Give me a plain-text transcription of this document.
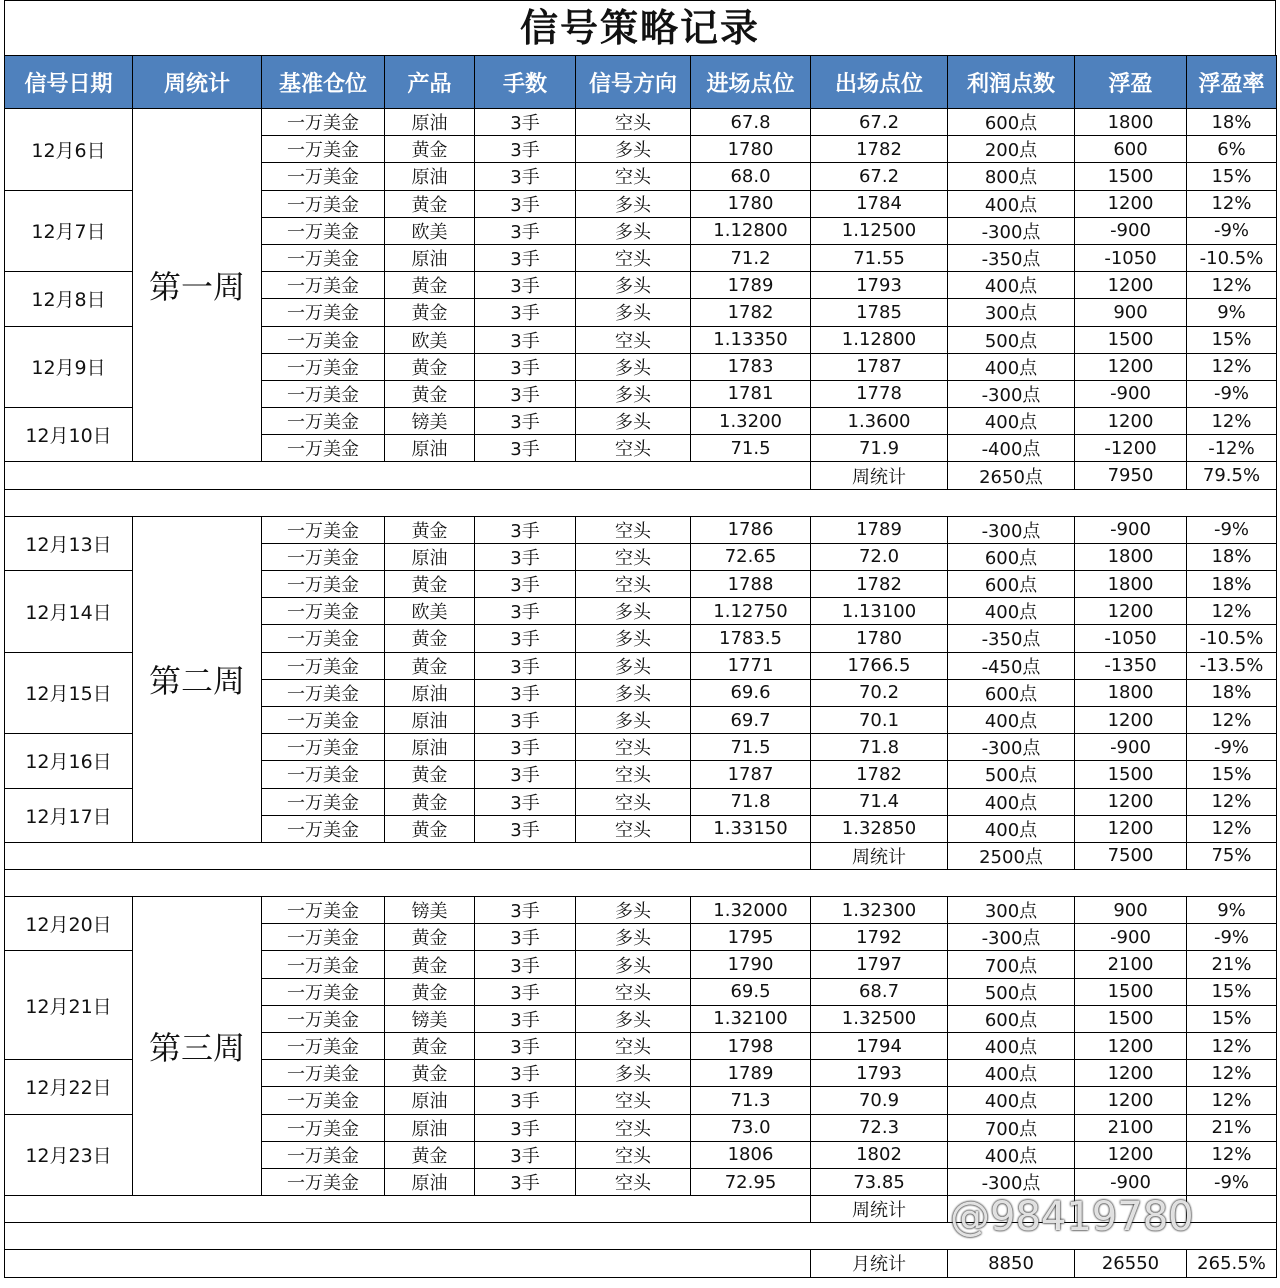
信号策略记录
信号日期	周统计	基准仓位	产品	手数	信号方向	进场点位	出场点位	利润点数	浮盈	浮盈率
12月6日	第一周	一万美金	原油	3手	空头	67.8	67.2	600点	1800	18%
		一万美金	黄金	3手	多头	1780	1782	200点	600	6%
		一万美金	原油	3手	空头	68.0	67.2	800点	1500	15%
12月7日		一万美金	黄金	3手	多头	1780	1784	400点	1200	12%
		一万美金	欧美	3手	多头	1.12800	1.12500	-300点	-900	-9%
		一万美金	原油	3手	空头	71.2	71.55	-350点	-1050	-10.5%
12月8日		一万美金	黄金	3手	多头	1789	1793	400点	1200	12%
		一万美金	黄金	3手	多头	1782	1785	300点	900	9%
12月9日		一万美金	欧美	3手	空头	1.13350	1.12800	500点	1500	15%
		一万美金	黄金	3手	多头	1783	1787	400点	1200	12%
		一万美金	黄金	3手	多头	1781	1778	-300点	-900	-9%
12月10日		一万美金	镑美	3手	多头	1.3200	1.3600	400点	1200	12%
		一万美金	原油	3手	空头	71.5	71.9	-400点	-1200	-12%
							周统计	2650点	7950	79.5%

12月13日	第二周	一万美金	黄金	3手	空头	1786	1789	-300点	-900	-9%
		一万美金	原油	3手	空头	72.65	72.0	600点	1800	18%
12月14日		一万美金	黄金	3手	空头	1788	1782	600点	1800	18%
		一万美金	欧美	3手	多头	1.12750	1.13100	400点	1200	12%
		一万美金	黄金	3手	多头	1783.5	1780	-350点	-1050	-10.5%
12月15日		一万美金	黄金	3手	多头	1771	1766.5	-450点	-1350	-13.5%
		一万美金	原油	3手	多头	69.6	70.2	600点	1800	18%
		一万美金	原油	3手	多头	69.7	70.1	400点	1200	12%
12月16日		一万美金	原油	3手	空头	71.5	71.8	-300点	-900	-9%
		一万美金	黄金	3手	空头	1787	1782	500点	1500	15%
12月17日		一万美金	黄金	3手	空头	71.8	71.4	400点	1200	12%
		一万美金	黄金	3手	空头	1.33150	1.32850	400点	1200	12%
							周统计	2500点	7500	75%

12月20日	第三周	一万美金	镑美	3手	多头	1.32000	1.32300	300点	900	9%
		一万美金	黄金	3手	多头	1795	1792	-300点	-900	-9%
12月21日		一万美金	黄金	3手	多头	1790	1797	700点	2100	21%
		一万美金	黄金	3手	空头	69.5	68.7	500点	1500	15%
		一万美金	镑美	3手	多头	1.32100	1.32500	600点	1500	15%
		一万美金	黄金	3手	空头	1798	1794	400点	1200	12%
12月22日		一万美金	黄金	3手	多头	1789	1793	400点	1200	12%
		一万美金	原油	3手	空头	71.3	70.9	400点	1200	12%
12月23日		一万美金	原油	3手	空头	73.0	72.3	700点	2100	21%
		一万美金	黄金	3手	空头	1806	1802	400点	1200	12%
		一万美金	原油	3手	空头	72.95	73.85	-300点	-900	-9%
							周统计			

							月统计	8850	26550	265.5%
@98419780
